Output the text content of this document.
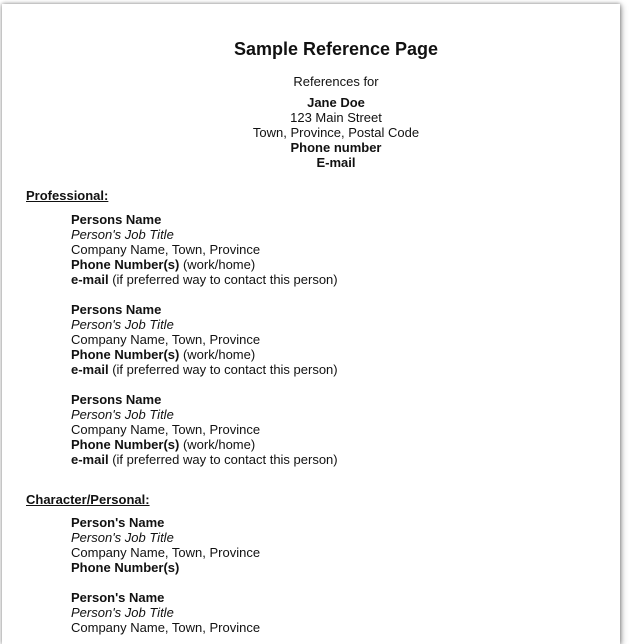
Sample Reference Page
References for
Jane Doe
123 Main Street
Town, Province, Postal Code
Phone number
E-mail
Professional:
Persons Name
Person's Job Title
Company Name, Town, Province
Phone Number(s) (work/home)
e-mail (if preferred way to contact this person)
Persons Name
Person's Job Title
Company Name, Town, Province
Phone Number(s) (work/home)
e-mail (if preferred way to contact this person)
Persons Name
Person's Job Title
Company Name, Town, Province
Phone Number(s) (work/home)
e-mail (if preferred way to contact this person)
Character/Personal:
Person's Name
Person's Job Title
Company Name, Town, Province
Phone Number(s)
Person's Name
Person's Job Title
Company Name, Town, Province
